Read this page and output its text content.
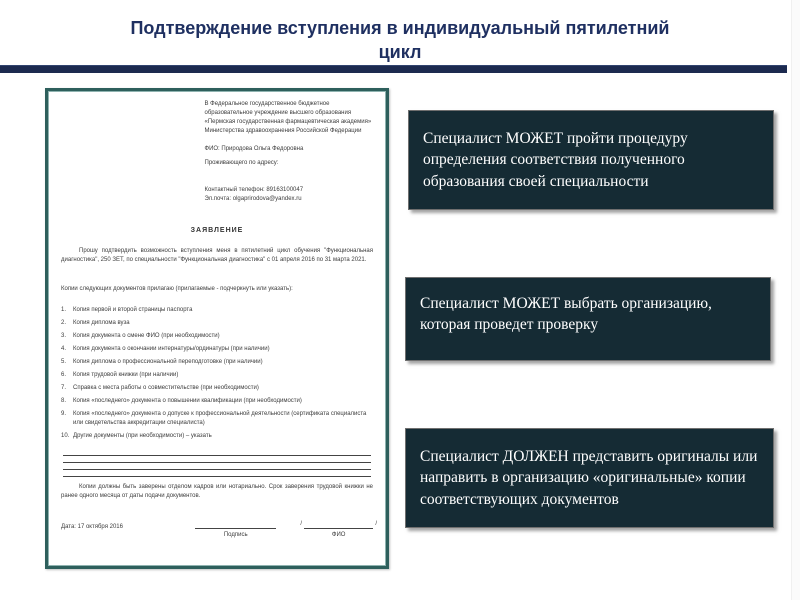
Подтверждение вступления в индивидуальный пятилетний цикл
В Федеральное государственное бюджетное образовательное учреждение высшего образования «Пермская государственная фармацевтическая академия» Министерства здравоохранения Российской Федерации
ФИО: Природова Ольга Федоровна
Проживающего по адресу:
Контактный телефон: 89163100047
Эл.почта: olgaprirodova@yandex.ru
ЗАЯВЛЕНИЕ
Прошу подтвердить возможность вступления меня в пятилетний цикл обучения "Функциональная диагностика", 250 ЗЕТ, по специальности "Функциональная диагностика" с 01 апреля 2016 по 31 марта 2021.
Копии следующих документов прилагаю (прилагаемые - подчеркнуть или указать):
Копия первой и второй страницы паспорта
Копия диплома вуза
Копия документа о смене ФИО (при необходимости)
Копия документа о окончании интернатуры/ординатуры (при наличии)
Копия диплома о профессиональной переподготовке (при наличии)
Копия трудовой книжки (при наличии)
Справка с места работы о совместительстве (при необходимости)
Копия «последнего» документа о повышении квалификации (при необходимости)
Копия «последнего» документа о допуске к профессиональной деятельности (сертификата специалиста или свидетельства аккредитации специалиста)
Другие документы (при необходимости) – указать
Копии должны быть заверены отделом кадров или нотариально. Срок заверения трудовой книжки не ранее одного месяца от даты подачи документов.
Дата: 17 октября 2016
Подпись
/	/
ФИО
Специалист МОЖЕТ пройти процедуру определения соответствия полученного образования своей специальности
Специалист МОЖЕТ выбрать организацию, которая проведет проверку
Специалист ДОЛЖЕН представить оригиналы или направить в организацию «оригинальные» копии соответствующих документов
